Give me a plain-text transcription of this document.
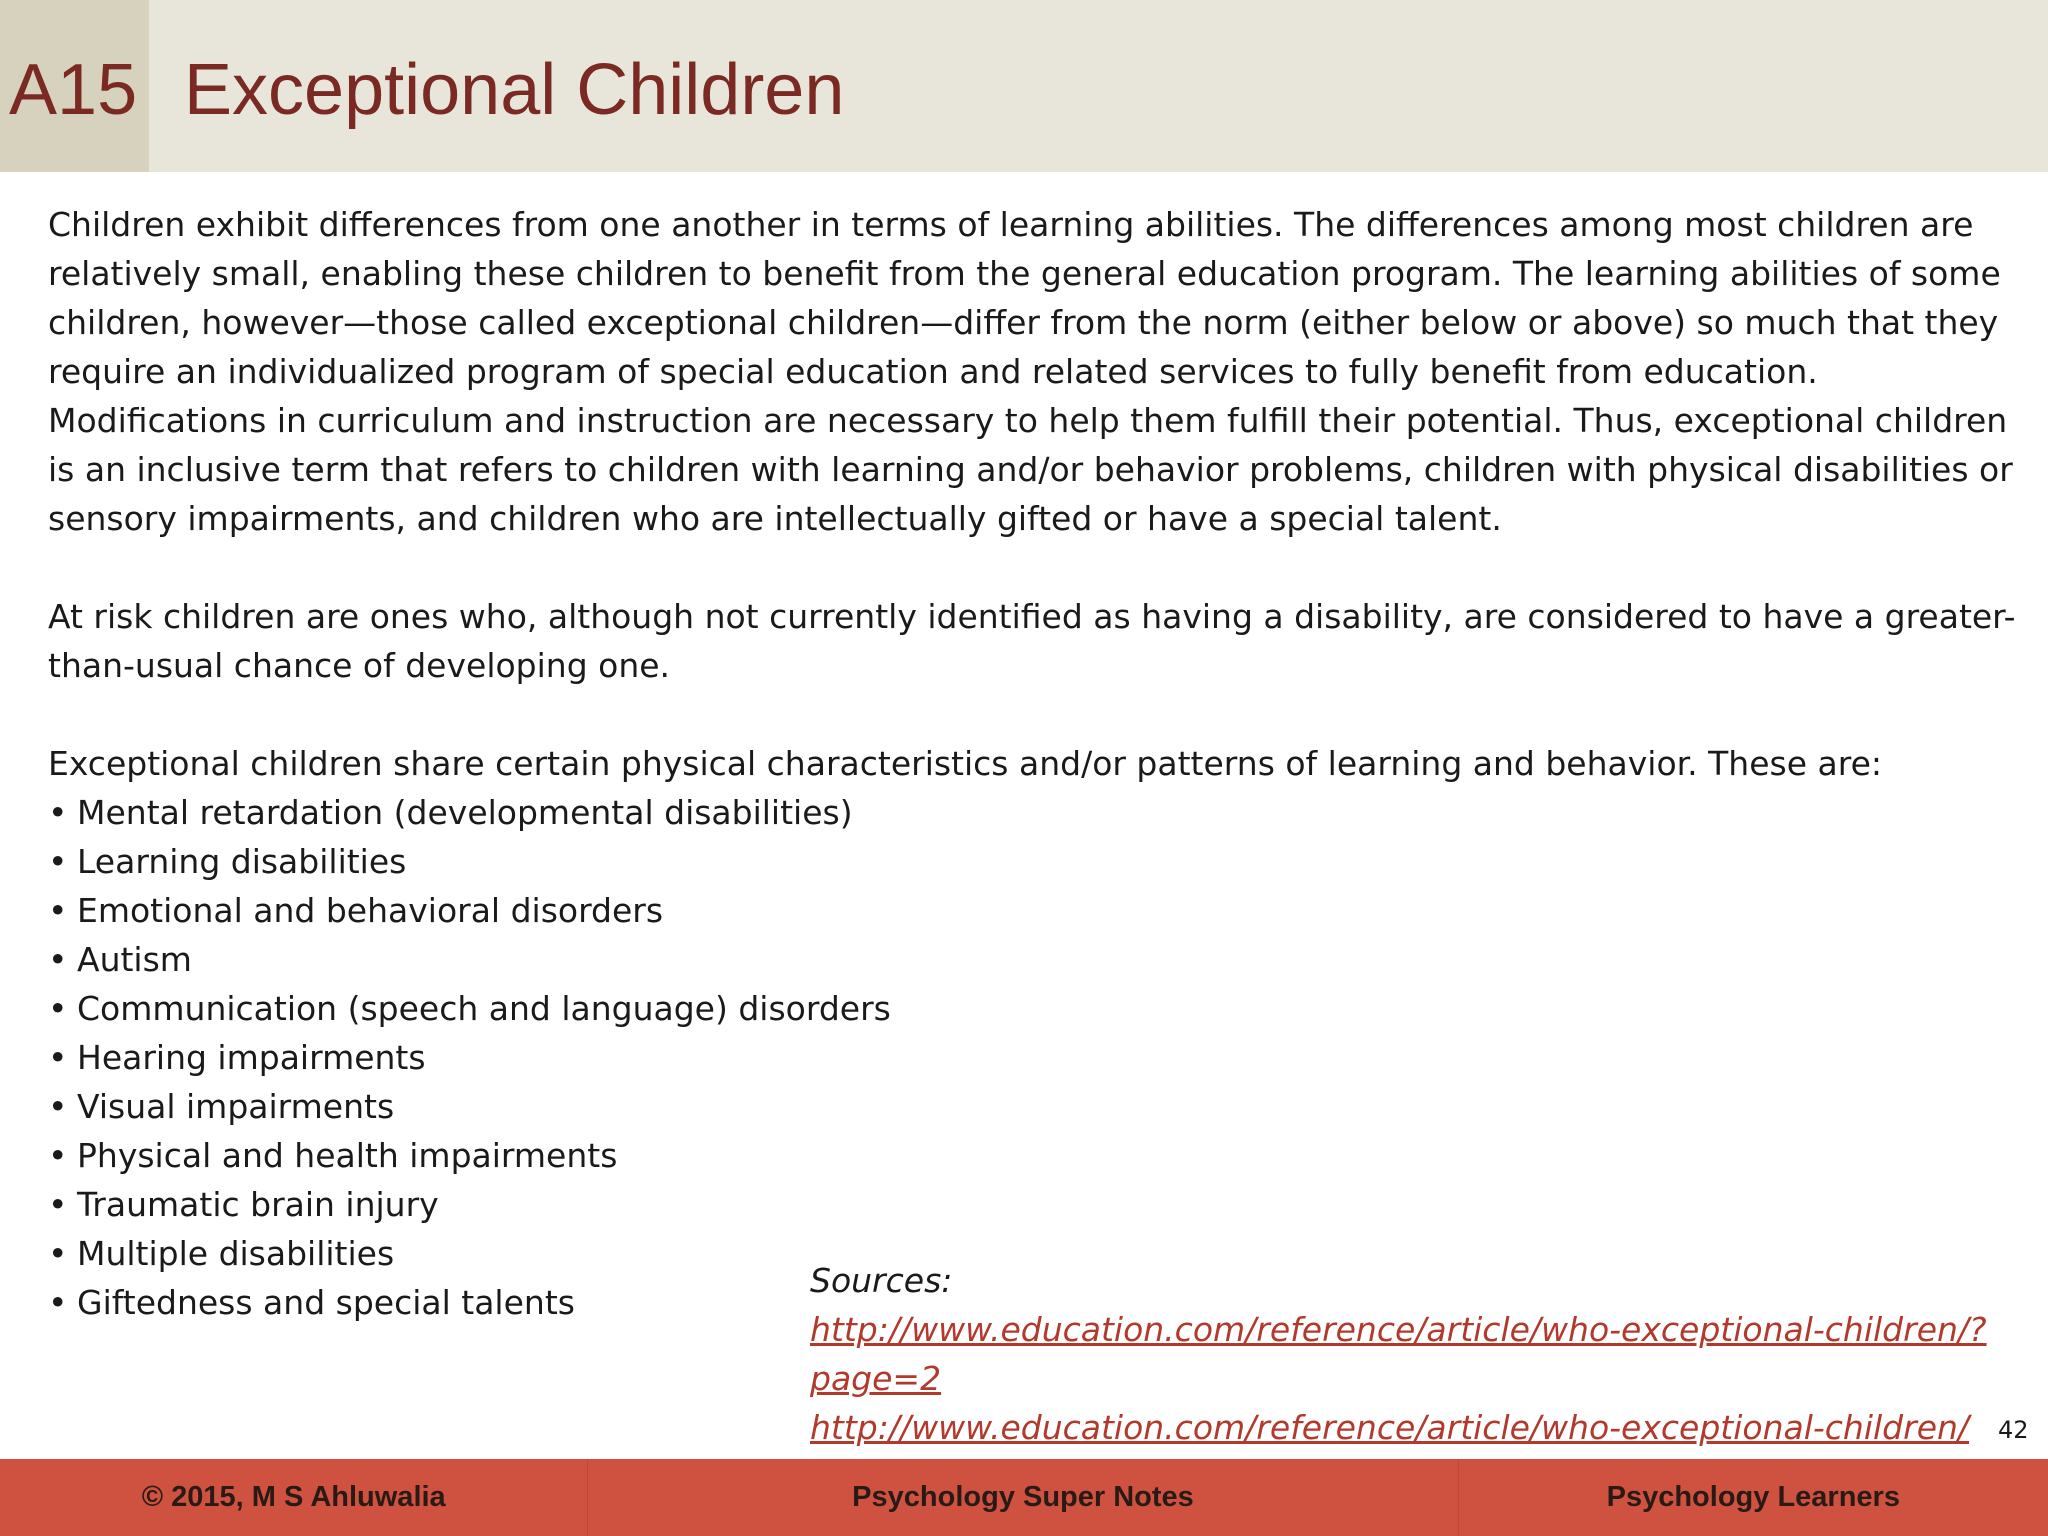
A15 Exceptional Children

Children exhibit differences from one another in terms of learning abilities. The differences among most children are relatively small, enabling these children to benefit from the general education program. The learning abilities of some children, however—those called exceptional children—differ from the norm (either below or above) so much that they require an individualized program of special education and related services to fully benefit from education. Modifications in curriculum and instruction are necessary to help them fulfill their potential. Thus, exceptional children is an inclusive term that refers to children with learning and/or behavior problems, children with physical disabilities or sensory impairments, and children who are intellectually gifted or have a special talent.

At risk children are ones who, although not currently identified as having a disability, are considered to have a greater-than-usual chance of developing one.

Exceptional children share certain physical characteristics and/or patterns of learning and behavior. These are:

• Mental retardation (developmental disabilities)
• Learning disabilities
• Emotional and behavioral disorders
• Autism
• Communication (speech and language) disorders
• Hearing impairments
• Visual impairments
• Physical and health impairments
• Traumatic brain injury
• Multiple disabilities
• Giftedness and special talents
Sources:
http://www.education.com/reference/article/who-exceptional-children/?page=2
http://www.education.com/reference/article/who-exceptional-children/	42
© 2015, M S Ahluwalia	Psychology Super Notes	Psychology Learners
